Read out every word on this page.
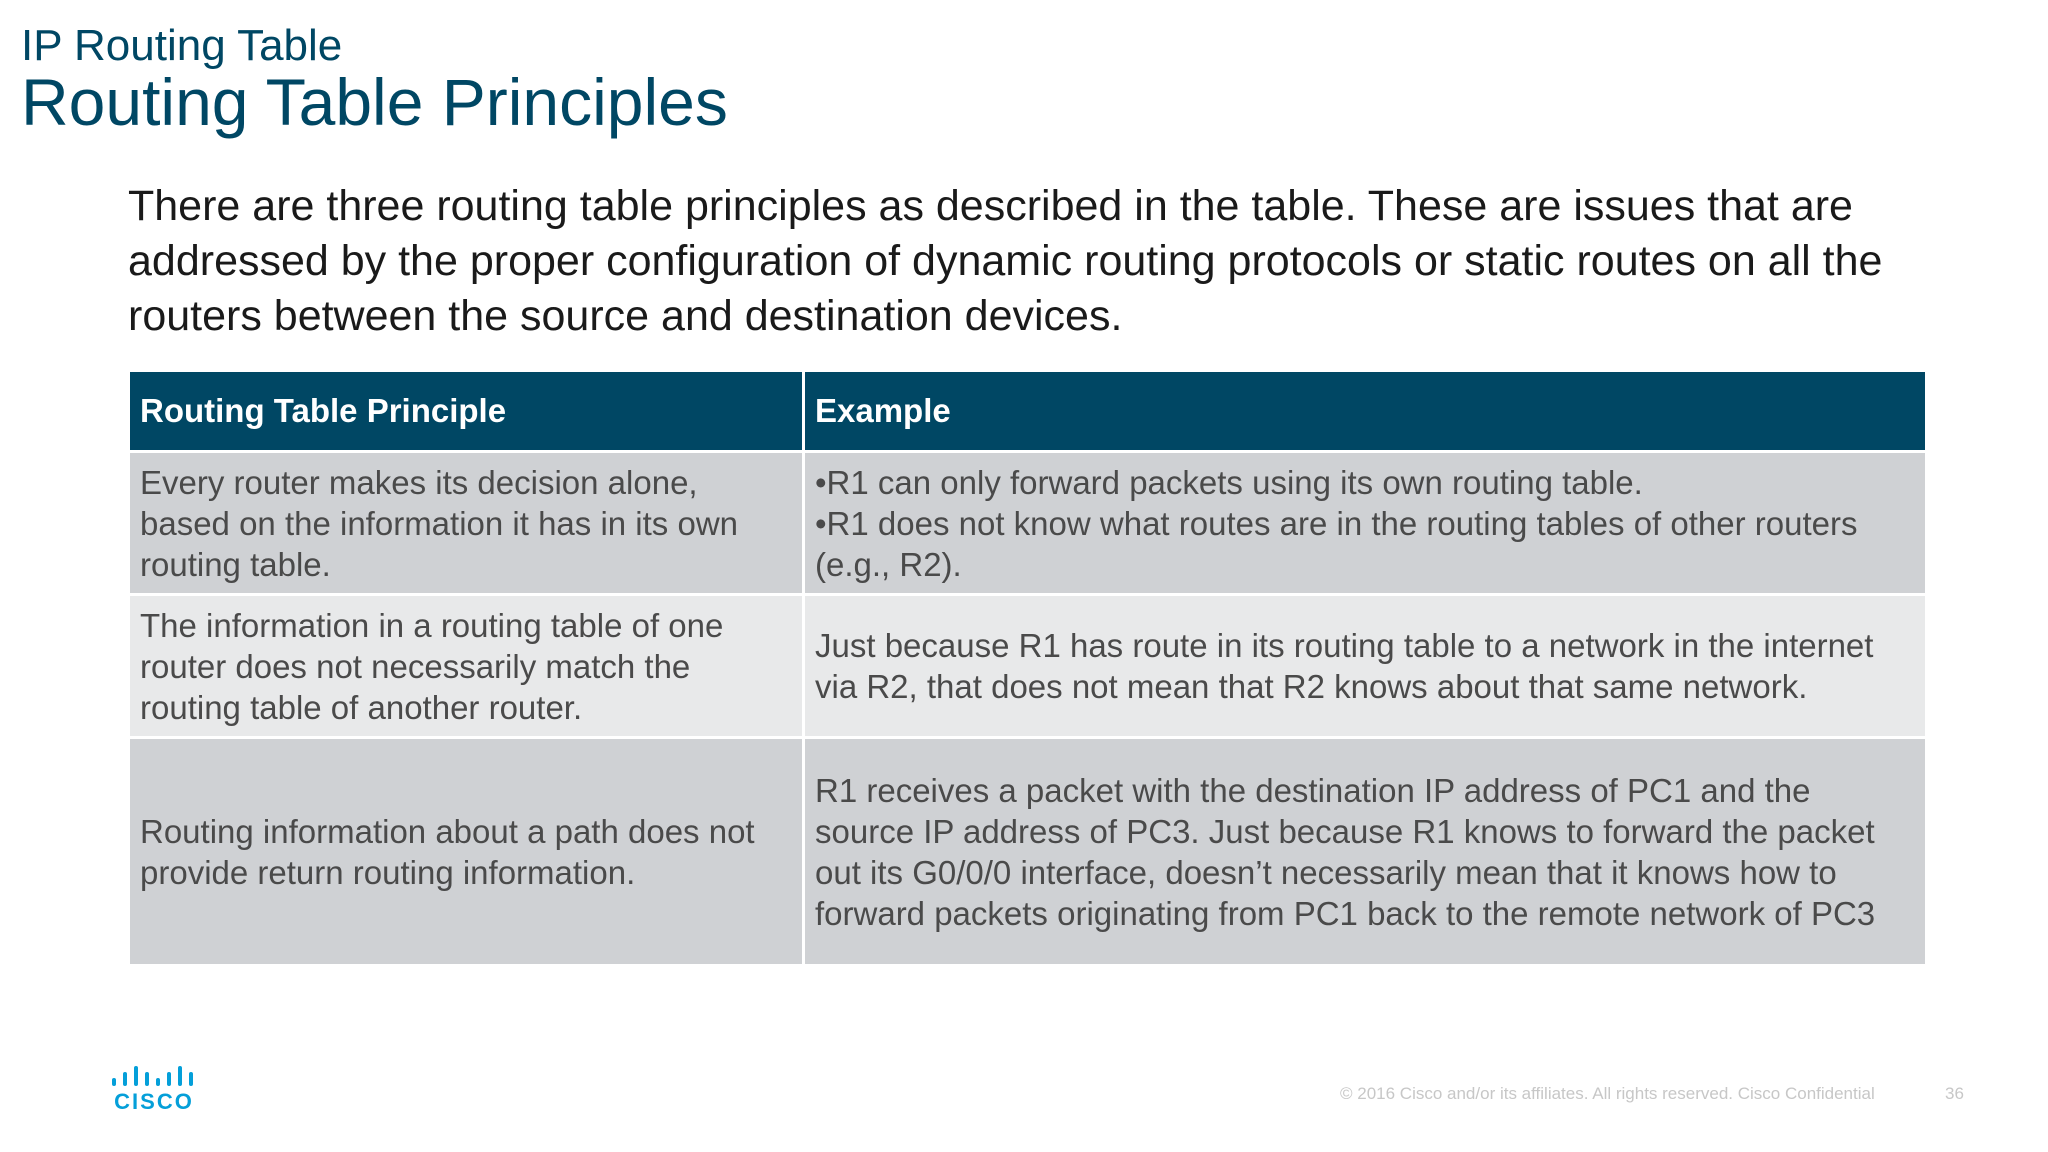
IP Routing Table
Routing Table Principles

There are three routing table principles as described in the table. These are issues that are addressed by the proper configuration of dynamic routing protocols or static routes on all the routers between the source and destination devices.

Routing Table Principle	Example
Every router makes its decision alone, based on the information it has in its own routing table.	•R1 can only forward packets using its own routing table.
•R1 does not know what routes are in the routing tables of other routers (e.g., R2).

The information in a routing table of one router does not necessarily match the routing table of another router.	Just because R1 has route in its routing table to a network in the internet via R2, that does not mean that R2 knows about that same network.

Routing information about a path does not provide return routing information.	R1 receives a packet with the destination IP address of PC1 and the source IP address of PC3. Just because R1 knows to forward the packet out its G0/0/0 interface, doesn’t necessarily mean that it knows how to forward packets originating from PC1 back to the remote network of PC3
CISCO	© 2016 Cisco and/or its affiliates. All rights reserved. Cisco Confidential	36
